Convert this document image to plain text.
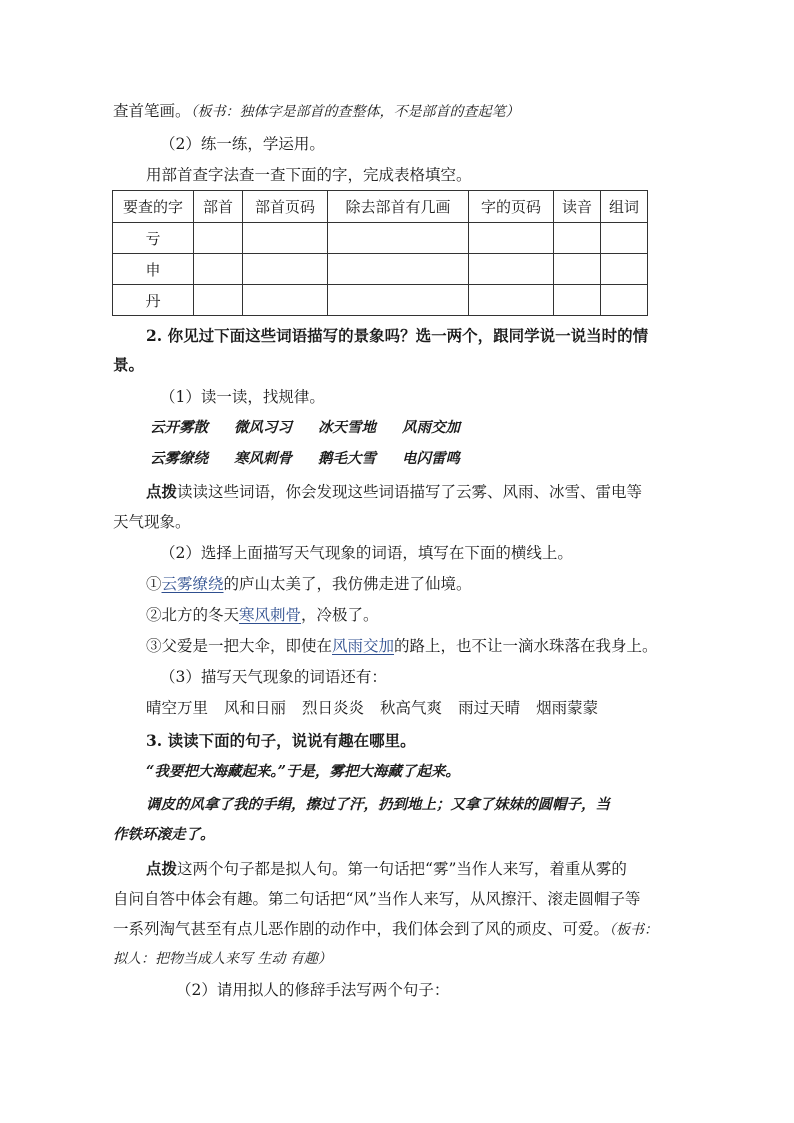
查首笔画。（板书：独体字是部首的查整体，不是部首的查起笔）
（2）练一练，学运用。
用部首查字法查一查下面的字，完成表格填空。
要查的字	部首	部首页码	除去部首有几画	字的页码	读音	组词
亏						
申						
丹						
2. 你见过下面这些词语描写的景象吗？选一两个，跟同学说一说当时的情
景。
（1）读一读，找规律。
云开雾散 微风习习 冰天雪地 风雨交加
云雾缭绕 寒风刺骨 鹅毛大雪 电闪雷鸣
点拨读读这些词语，你会发现这些词语描写了云雾、风雨、冰雪、雷电等
天气现象。
（2）选择上面描写天气现象的词语，填写在下面的横线上。
①云雾缭绕的庐山太美了，我仿佛走进了仙境。
②北方的冬天寒风刺骨，冷极了。
③父爱是一把大伞，即使在风雨交加的路上，也不让一滴水珠落在我身上。
（3）描写天气现象的词语还有：
晴空万里 风和日丽 烈日炎炎 秋高气爽 雨过天晴 烟雨蒙蒙
3. 读读下面的句子，说说有趣在哪里。
“我要把大海藏起来。”于是，雾把大海藏了起来。
调皮的风拿了我的手绢，擦过了汗，扔到地上；又拿了妹妹的圆帽子，当
作铁环滚走了。
点拨这两个句子都是拟人句。第一句话把“雾”当作人来写，着重从雾的
自问自答中体会有趣。第二句话把“风”当作人来写，从风擦汗、滚走圆帽子等
一系列淘气甚至有点儿恶作剧的动作中，我们体会到了风的顽皮、可爱。（板书：
拟人：把物当成人来写 生动 有趣）
（2）请用拟人的修辞手法写两个句子：
